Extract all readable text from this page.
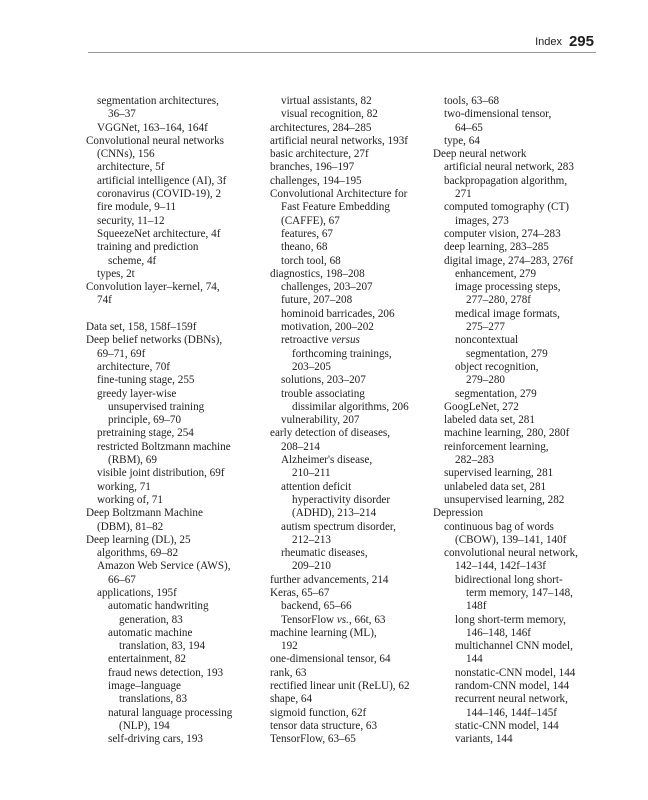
Index 295
segmentation architectures,
36–37
VGGNet, 163–164, 164f
Convolutional neural networks
(CNNs), 156
architecture, 5f
artificial intelligence (AI), 3f
coronavirus (COVID-19), 2
fire module, 9–11
security, 11–12
SqueezeNet architecture, 4f
training and prediction
scheme, 4f
types, 2t
Convolution layer–kernel, 74,
74f
Data set, 158, 158f–159f
Deep belief networks (DBNs),
69–71, 69f
architecture, 70f
fine-tuning stage, 255
greedy layer-wise
unsupervised training
principle, 69–70
pretraining stage, 254
restricted Boltzmann machine
(RBM), 69
visible joint distribution, 69f
working, 71
working of, 71
Deep Boltzmann Machine
(DBM), 81–82
Deep learning (DL), 25
algorithms, 69–82
Amazon Web Service (AWS),
66–67
applications, 195f
automatic handwriting
generation, 83
automatic machine
translation, 83, 194
entertainment, 82
fraud news detection, 193
image–language
translations, 83
natural language processing
(NLP), 194
self-driving cars, 193
virtual assistants, 82
visual recognition, 82
architectures, 284–285
artificial neural networks, 193f
basic architecture, 27f
branches, 196–197
challenges, 194–195
Convolutional Architecture for
Fast Feature Embedding
(CAFFE), 67
features, 67
theano, 68
torch tool, 68
diagnostics, 198–208
challenges, 203–207
future, 207–208
hominoid barricades, 206
motivation, 200–202
retroactive versus
forthcoming trainings,
203–205
solutions, 203–207
trouble associating
dissimilar algorithms, 206
vulnerability, 207
early detection of diseases,
208–214
Alzheimer's disease,
210–211
attention deficit
hyperactivity disorder
(ADHD), 213–214
autism spectrum disorder,
212–213
rheumatic diseases,
209–210
further advancements, 214
Keras, 65–67
backend, 65–66
TensorFlow vs., 66t, 63
machine learning (ML),
192
one-dimensional tensor, 64
rank, 63
rectified linear unit (ReLU), 62
shape, 64
sigmoid function, 62f
tensor data structure, 63
TensorFlow, 63–65
tools, 63–68
two-dimensional tensor,
64–65
type, 64
Deep neural network
artificial neural network, 283
backpropagation algorithm,
271
computed tomography (CT)
images, 273
computer vision, 274–283
deep learning, 283–285
digital image, 274–283, 276f
enhancement, 279
image processing steps,
277–280, 278f
medical image formats,
275–277
noncontextual
segmentation, 279
object recognition,
279–280
segmentation, 279
GoogLeNet, 272
labeled data set, 281
machine learning, 280, 280f
reinforcement learning,
282–283
supervised learning, 281
unlabeled data set, 281
unsupervised learning, 282
Depression
continuous bag of words
(CBOW), 139–141, 140f
convolutional neural network,
142–144, 142f–143f
bidirectional long short-
term memory, 147–148,
148f
long short-term memory,
146–148, 146f
multichannel CNN model,
144
nonstatic-CNN model, 144
random-CNN model, 144
recurrent neural network,
144–146, 144f–145f
static-CNN model, 144
variants, 144
